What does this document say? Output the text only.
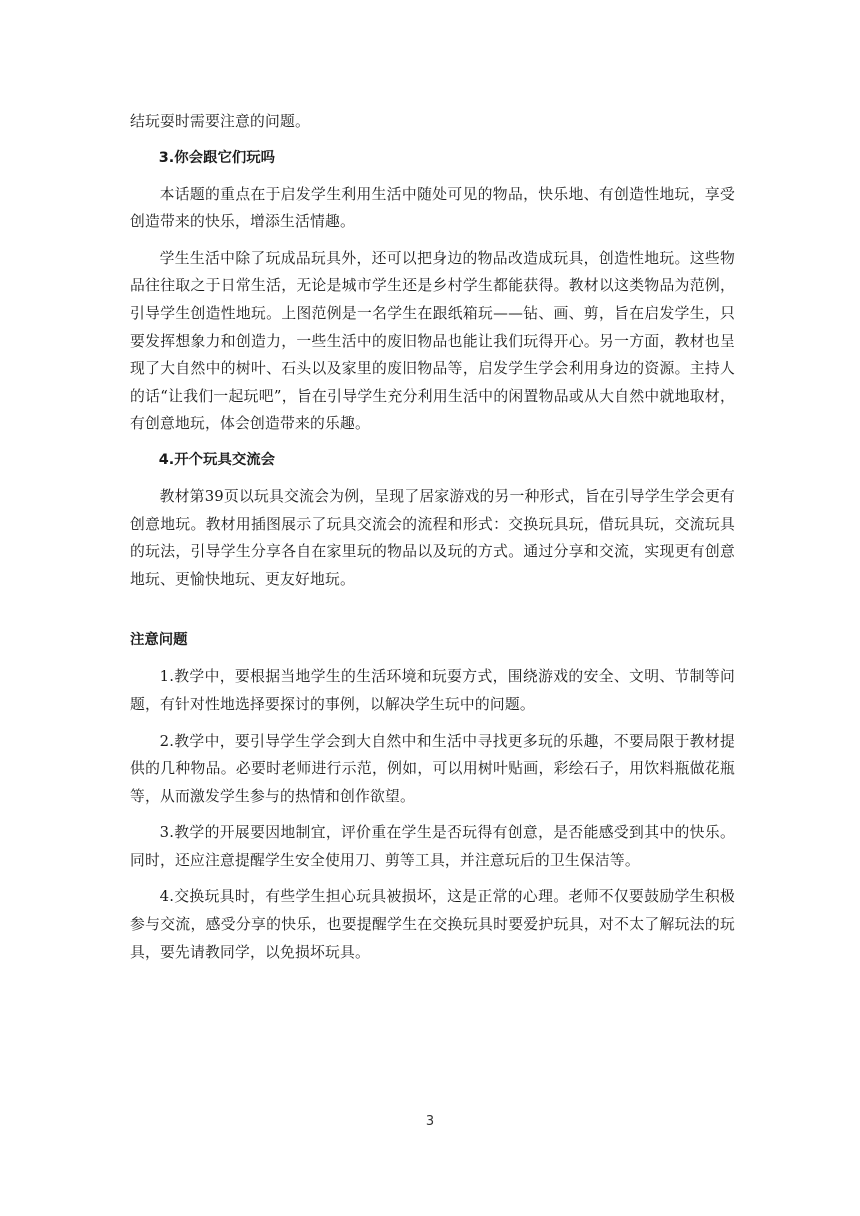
结玩耍时需要注意的问题。

3.你会跟它们玩吗

本话题的重点在于启发学生利用生活中随处可见的物品，快乐地、有创造性地玩，享受创造带来的快乐，增添生活情趣。

学生生活中除了玩成品玩具外，还可以把身边的物品改造成玩具，创造性地玩。这些物品往往取之于日常生活，无论是城市学生还是乡村学生都能获得。教材以这类物品为范例，引导学生创造性地玩。上图范例是一名学生在跟纸箱玩——钻、画、剪，旨在启发学生，只要发挥想象力和创造力，一些生活中的废旧物品也能让我们玩得开心。另一方面，教材也呈现了大自然中的树叶、石头以及家里的废旧物品等，启发学生学会利用身边的资源。主持人的话“让我们一起玩吧”，旨在引导学生充分利用生活中的闲置物品或从大自然中就地取材，有创意地玩，体会创造带来的乐趣。

4.开个玩具交流会

教材第39页以玩具交流会为例，呈现了居家游戏的另一种形式，旨在引导学生学会更有创意地玩。教材用插图展示了玩具交流会的流程和形式：交换玩具玩，借玩具玩，交流玩具的玩法，引导学生分享各自在家里玩的物品以及玩的方式。通过分享和交流，实现更有创意地玩、更愉快地玩、更友好地玩。

注意问题

1.教学中，要根据当地学生的生活环境和玩耍方式，围绕游戏的安全、文明、节制等问题，有针对性地选择要探讨的事例，以解决学生玩中的问题。

2.教学中，要引导学生学会到大自然中和生活中寻找更多玩的乐趣，不要局限于教材提供的几种物品。必要时老师进行示范，例如，可以用树叶贴画，彩绘石子，用饮料瓶做花瓶等，从而激发学生参与的热情和创作欲望。

3.教学的开展要因地制宜，评价重在学生是否玩得有创意，是否能感受到其中的快乐。同时，还应注意提醒学生安全使用刀、剪等工具，并注意玩后的卫生保洁等。

4.交换玩具时，有些学生担心玩具被损坏，这是正常的心理。老师不仅要鼓励学生积极参与交流，感受分享的快乐，也要提醒学生在交换玩具时要爱护玩具，对不太了解玩法的玩具，要先请教同学，以免损坏玩具。

3
